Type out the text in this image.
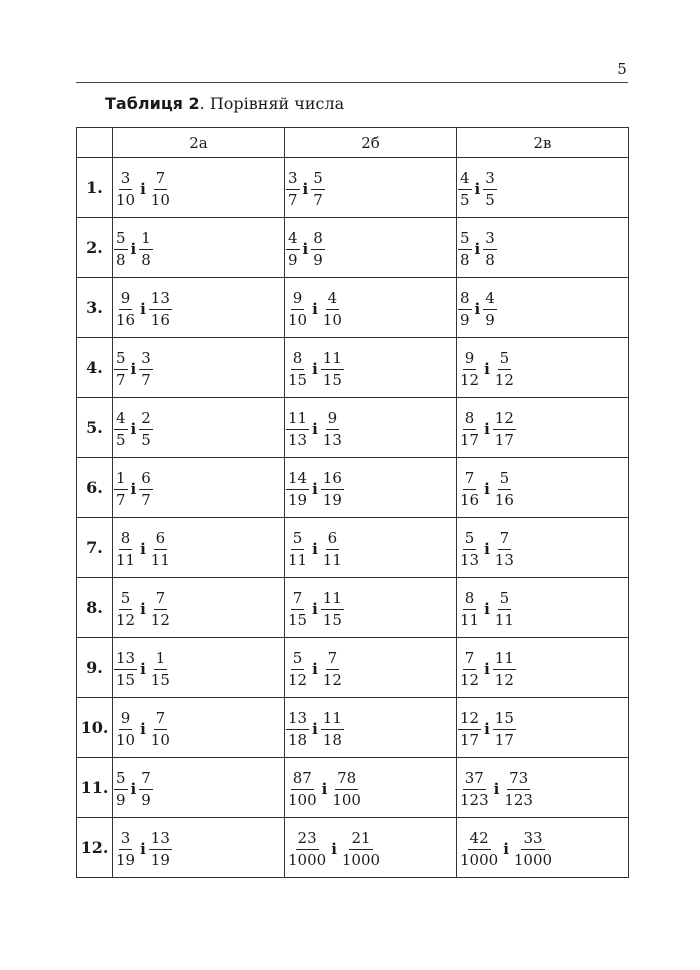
5
Таблиця 2. Порівняй числа
	2а	2б	2в
1.	$\frac{3}{10}$ і $\frac{7}{10}$	$\frac{3}{7}$ і $\frac{5}{7}$	$\frac{4}{5}$ і $\frac{3}{5}$

2.	$\frac{5}{8}$ і $\frac{1}{8}$	$\frac{4}{9}$ і $\frac{8}{9}$	$\frac{5}{8}$ і $\frac{3}{8}$

3.	$\frac{9}{16}$ і $\frac{13}{16}$	$\frac{9}{10}$ і $\frac{4}{10}$	$\frac{8}{9}$ і $\frac{4}{9}$

4.	$\frac{5}{7}$ і $\frac{3}{7}$	$\frac{8}{15}$ і $\frac{11}{15}$	$\frac{9}{12}$ і $\frac{5}{12}$

5.	$\frac{4}{5}$ і $\frac{2}{5}$	$\frac{11}{13}$ і $\frac{9}{13}$	$\frac{8}{17}$ і $\frac{12}{17}$

6.	$\frac{1}{7}$ і $\frac{6}{7}$	$\frac{14}{19}$ і $\frac{16}{19}$	$\frac{7}{16}$ і $\frac{5}{16}$

7.	$\frac{8}{11}$ і $\frac{6}{11}$	$\frac{5}{11}$ і $\frac{6}{11}$	$\frac{5}{13}$ і $\frac{7}{13}$

8.	$\frac{5}{12}$ і $\frac{7}{12}$	$\frac{7}{15}$ і $\frac{11}{15}$	$\frac{8}{11}$ і $\frac{5}{11}$

9.	$\frac{13}{15}$ і $\frac{1}{15}$	$\frac{5}{12}$ і $\frac{7}{12}$	$\frac{7}{12}$ і $\frac{11}{12}$

10.	$\frac{9}{10}$ і $\frac{7}{10}$	$\frac{13}{18}$ і $\frac{11}{18}$	$\frac{12}{17}$ і $\frac{15}{17}$

11.	$\frac{5}{9}$ і $\frac{7}{9}$	$\frac{87}{100}$ і $\frac{78}{100}$	$\frac{37}{123}$ і $\frac{73}{123}$

12.	$\frac{3}{19}$ і $\frac{13}{19}$	$\frac{23}{1000}$ і $\frac{21}{1000}$	$\frac{42}{1000}$ і $\frac{33}{1000}$
